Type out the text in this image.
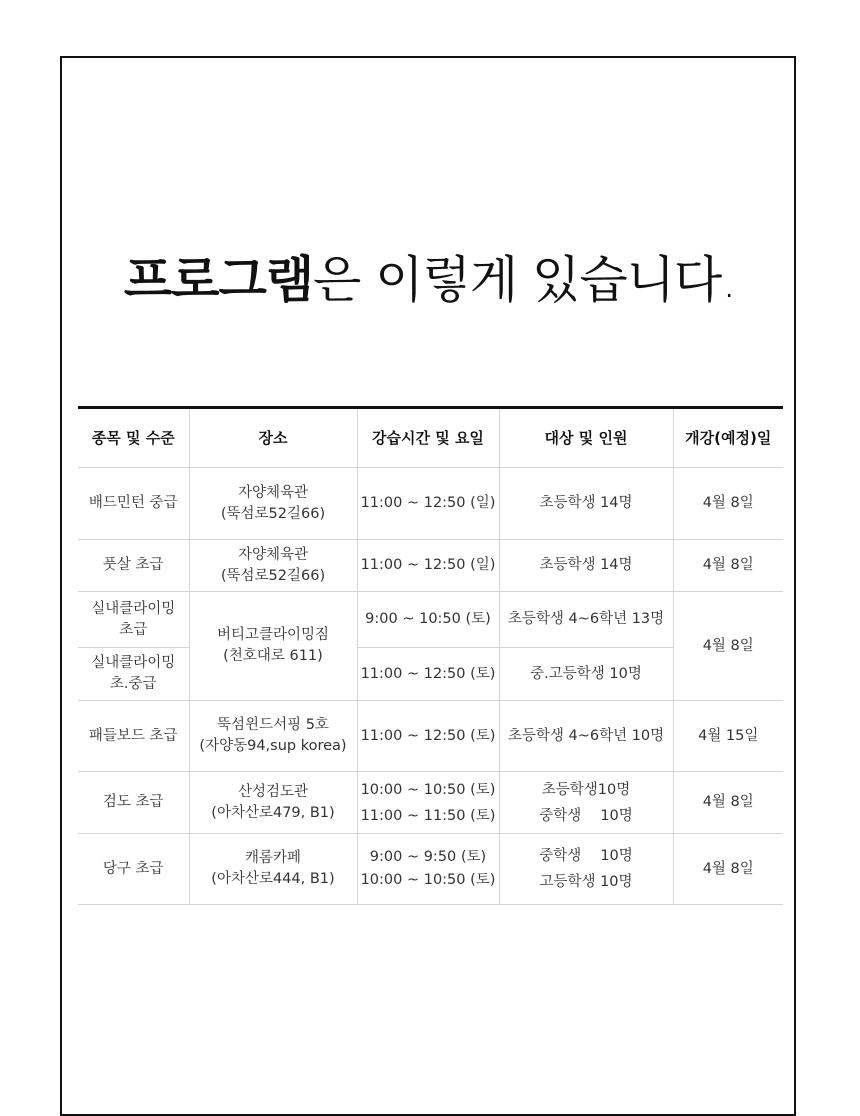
프로그램은 이렇게 있습니다.
종목 및 수준	장소	강습시간 및 요일	대상 및 인원	개강(예정)일

배드민턴 중급	자양체육관
(뚝섬로52길66)	11:00 ~ 12:50 (일)	초등학생 14명	4월 8일

풋살 초급	자양체육관
(뚝섬로52길66)	11:00 ~ 12:50 (일)	초등학생 14명	4월 8일

실내클라이밍
초급	버티고클라이밍짐
(천호대로 611)	9:00 ~ 10:50 (토)	초등학생 4~6학년 13명	4월 8일

실내클라이밍
초.중급		11:00 ~ 12:50 (토)	중.고등학생 10명	

패들보드 초급	뚝섬윈드서핑 5호
(자양동94,sup korea)	11:00 ~ 12:50 (토)	초등학생 4~6학년 10명	4월 15일

검도 초급	산성검도관
(아차산로479, B1)	10:00 ~ 10:50 (토)
11:00 ~ 11:50 (토)	초등학생10명
중학생　 10명	4월 8일

당구 초급	캐롬카페
(아차산로444, B1)	9:00 ~ 9:50 (토)
10:00 ~ 10:50 (토)	중학생　 10명
고등학생 10명	4월 8일
